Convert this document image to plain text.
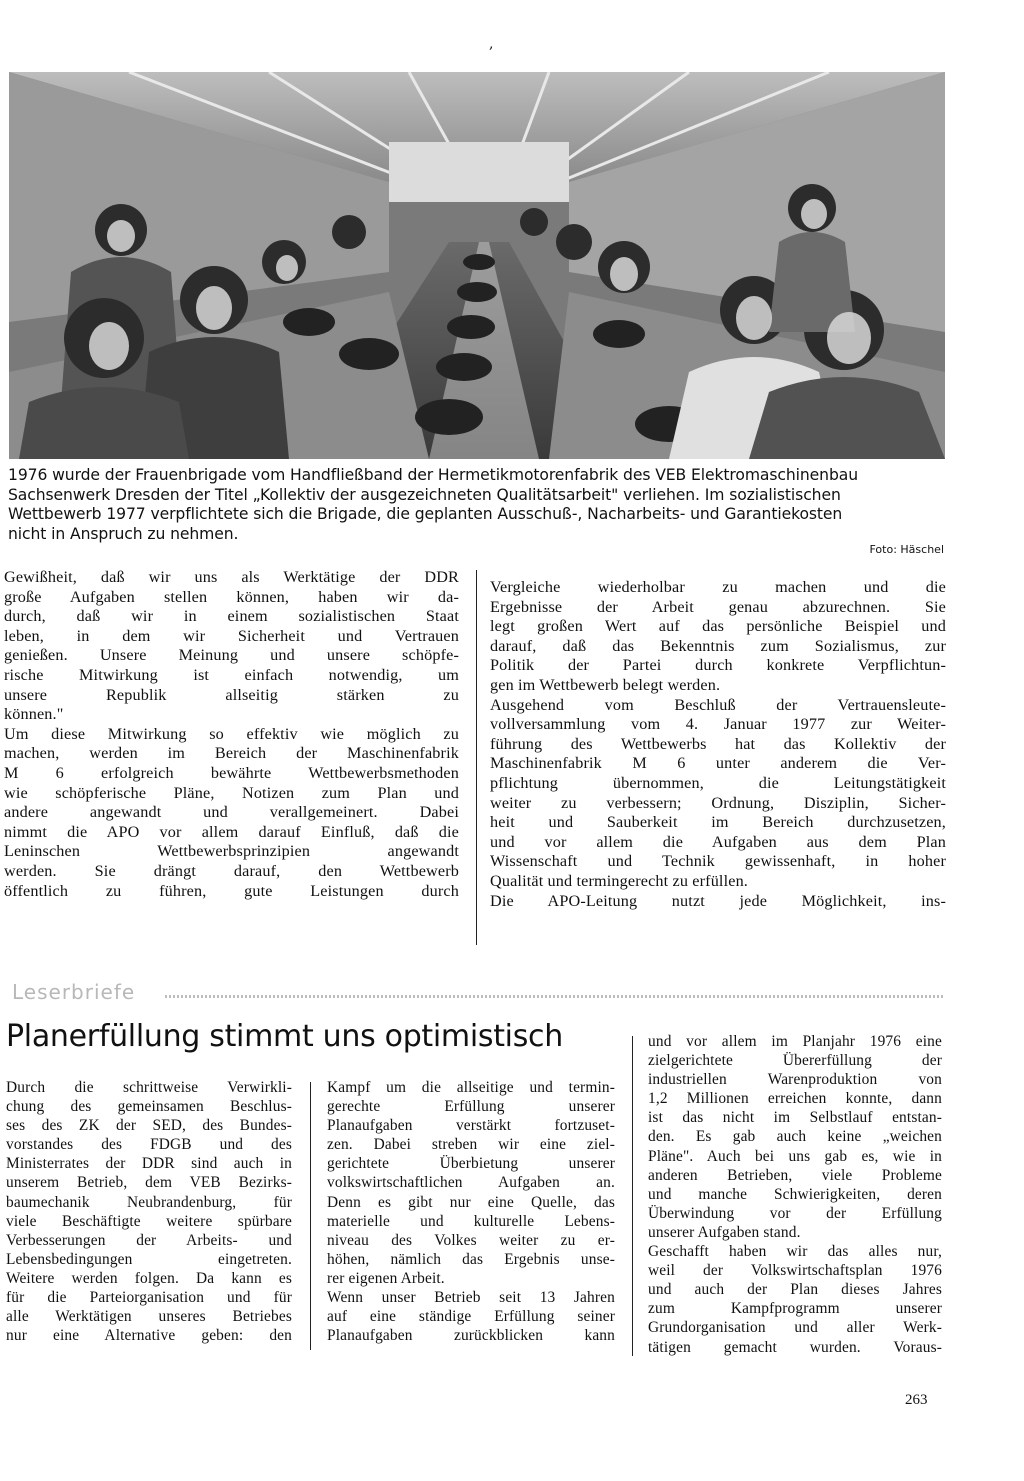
,
1976 wurde der Frauenbrigade vom Handfließband der Hermetikmotorenfabrik des VEB Elektromaschinenbau
Sachsenwerk Dresden der Titel „Kollektiv der ausgezeichneten Qualitätsarbeit" verliehen. Im sozialistischen
Wettbewerb 1977 verpflichtete sich die Brigade, die geplanten Ausschuß-, Nacharbeits- und Garantiekosten
nicht in Anspruch zu nehmen.
Foto: Häschel
Gewißheit, daß wir uns als Werktätige der DDR
große Aufgaben stellen können, haben wir da-
durch, daß wir in einem sozialistischen Staat
leben, in dem wir Sicherheit und Vertrauen
genießen. Unsere Meinung und unsere schöpfe-
rische Mitwirkung ist einfach notwendig, um
unsere Republik allseitig stärken zu
können."
Um diese Mitwirkung so effektiv wie möglich zu
machen, werden im Bereich der Maschinenfabrik
M 6 erfolgreich bewährte Wettbewerbsmethoden
wie schöpferische Pläne, Notizen zum Plan und
andere angewandt und verallgemeinert. Dabei
nimmt die APO vor allem darauf Einfluß, daß die
Leninschen Wettbewerbsprinzipien angewandt
werden. Sie drängt darauf, den Wettbewerb
öffentlich zu führen, gute Leistungen durch
Vergleiche wiederholbar zu machen und die
Ergebnisse der Arbeit genau abzurechnen. Sie
legt großen Wert auf das persönliche Beispiel und
darauf, daß das Bekenntnis zum Sozialismus, zur
Politik der Partei durch konkrete Verpflichtun-
gen im Wettbewerb belegt werden.
Ausgehend vom Beschluß der Vertrauensleute-
vollversammlung vom 4. Januar 1977 zur Weiter-
führung des Wettbewerbs hat das Kollektiv der
Maschinenfabrik M 6 unter anderem die Ver-
pflichtung übernommen, die Leitungstätigkeit
weiter zu verbessern; Ordnung, Disziplin, Sicher-
heit und Sauberkeit im Bereich durchzusetzen,
und vor allem die Aufgaben aus dem Plan
Wissenschaft und Technik gewissenhaft, in hoher
Qualität und termingerecht zu erfüllen.
Die APO-Leitung nutzt jede Möglichkeit, ins-
Leserbriefe
Planerfüllung stimmt uns optimistisch
Durch die schrittweise Verwirkli-
chung des gemeinsamen Beschlus-
ses des ZK der SED, des Bundes-
vorstandes des FDGB und des
Ministerrates der DDR sind auch in
unserem Betrieb, dem VEB Bezirks-
baumechanik Neubrandenburg, für
viele Beschäftigte weitere spürbare
Verbesserungen der Arbeits- und
Lebensbedingungen eingetreten.
Weitere werden folgen. Da kann es
für die Parteiorganisation und für
alle Werktätigen unseres Betriebes
nur eine Alternative geben: den
Kampf um die allseitige und termin-
gerechte Erfüllung unserer
Planaufgaben verstärkt fortzuset-
zen. Dabei streben wir eine ziel-
gerichtete Überbietung unserer
volkswirtschaftlichen Aufgaben an.
Denn es gibt nur eine Quelle, das
materielle und kulturelle Lebens-
niveau des Volkes weiter zu er-
höhen, nämlich das Ergebnis unse-
rer eigenen Arbeit.
Wenn unser Betrieb seit 13 Jahren
auf eine ständige Erfüllung seiner
Planaufgaben zurückblicken kann
und vor allem im Planjahr 1976 eine
zielgerichtete Übererfüllung der
industriellen Warenproduktion von
1,2 Millionen erreichen konnte, dann
ist das nicht im Selbstlauf entstan-
den. Es gab auch keine „weichen
Pläne". Auch bei uns gab es, wie in
anderen Betrieben, viele Probleme
und manche Schwierigkeiten, deren
Überwindung vor der Erfüllung
unserer Aufgaben stand.
Geschafft haben wir das alles nur,
weil der Volkswirtschaftsplan 1976
und auch der Plan dieses Jahres
zum Kampfprogramm unserer
Grundorganisation und aller Werk-
tätigen gemacht wurden. Voraus-
263
